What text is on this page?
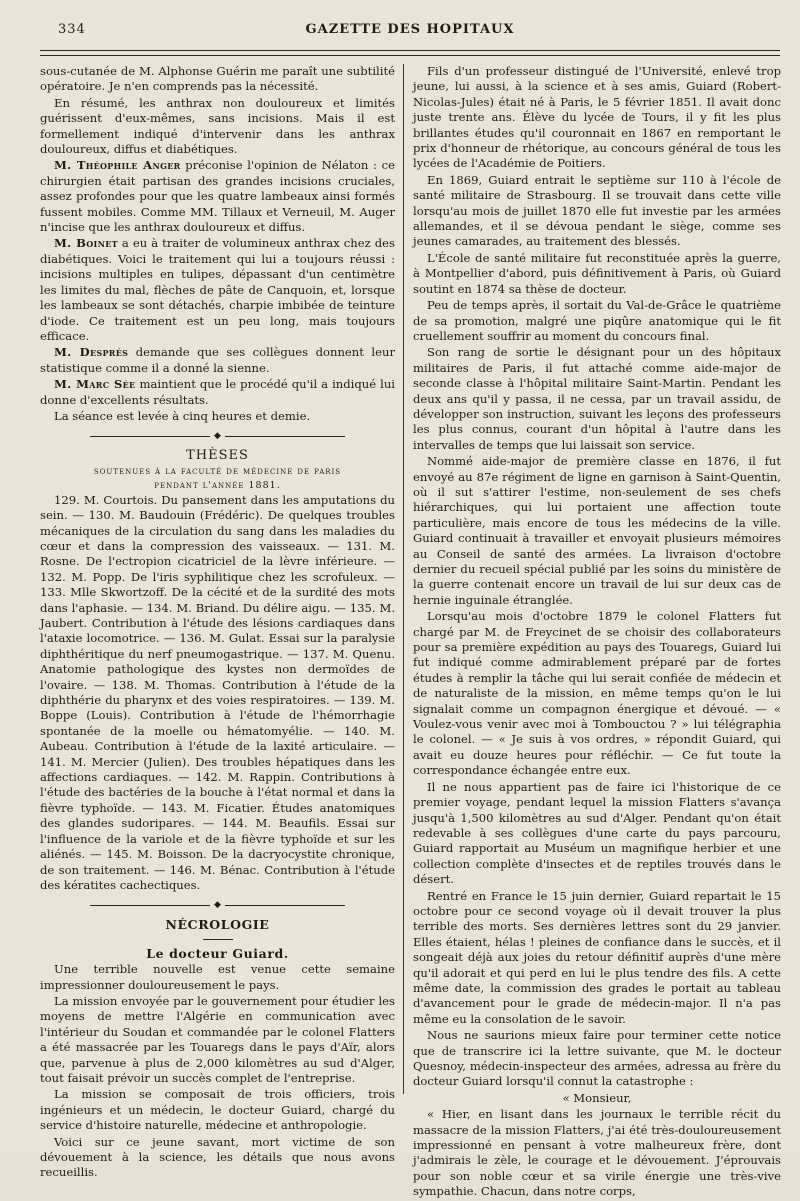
334	GAZETTE DES HOPITAUX

sous-cutanée de M. Alphonse Guérin me paraît une subtilité opératoire. Je n'en comprends pas la nécessité.

En résumé, les anthrax non douloureux et limités guérissent d'eux-mêmes, sans incisions. Mais il est formellement indiqué d'intervenir dans les anthrax douloureux, diffus et diabétiques.

M. Théophile Anger préconise l'opinion de Nélaton : ce chirurgien était partisan des grandes incisions cruciales, assez profondes pour que les quatre lambeaux ainsi formés fussent mobiles. Comme MM. Tillaux et Verneuil, M. Auger n'incise que les anthrax douloureux et diffus.

M. Boinet a eu à traiter de volumineux anthrax chez des diabétiques. Voici le traitement qui lui a toujours réussi : incisions multiples en tulipes, dépassant d'un centimètre les limites du mal, flèches de pâte de Canquoin, et, lorsque les lambeaux se sont détachés, charpie imbibée de teinture d'iode. Ce traitement est un peu long, mais toujours efficace.

M. Després demande que ses collègues donnent leur statistique comme il a donné la sienne.

M. Marc Sée maintient que le procédé qu'il a indiqué lui donne d'excellents résultats.

La séance est levée à cinq heures et demie.

◆

THÈSES

soutenues à la faculté de médecine de paris

pendant l'année 1881.

129. M. Courtois. Du pansement dans les amputations du sein. — 130. M. Baudouin (Frédéric). De quelques troubles mécaniques de la circulation du sang dans les maladies du cœur et dans la compression des vaisseaux. — 131. M. Rosne. De l'ectropion cicatriciel de la lèvre inférieure. — 132. M. Popp. De l'iris syphilitique chez les scrofuleux. — 133. Mlle Skwortzoff. De la cécité et de la surdité des mots dans l'aphasie. — 134. M. Briand. Du délire aigu. — 135. M. Jaubert. Contribution à l'étude des lésions cardiaques dans l'ataxie locomotrice. — 136. M. Gulat. Essai sur la paralysie diphthéritique du nerf pneumogastrique. — 137. M. Quenu. Anatomie pathologique des kystes non dermoïdes de l'ovaire. — 138. M. Thomas. Contribution à l'étude de la diphthérie du pharynx et des voies respiratoires. — 139. M. Boppe (Louis). Contribution à l'étude de l'hémorrhagie spontanée de la moelle ou hématomyélie. — 140. M. Aubeau. Contribution à l'étude de la laxité articulaire. — 141. M. Mercier (Julien). Des troubles hépatiques dans les affections cardiaques. — 142. M. Rappin. Contributions à l'étude des bactéries de la bouche à l'état normal et dans la fièvre typhoïde. — 143. M. Ficatier. Études anatomiques des glandes sudoripares. — 144. M. Beaufils. Essai sur l'influence de la variole et de la fièvre typhoïde et sur les aliénés. — 145. M. Boisson. De la dacryocystite chronique, de son traitement. — 146. M. Bénac. Contribution à l'étude des kératites cachectiques.

◆

NÉCROLOGIE

Le docteur Guiard.

Une terrible nouvelle est venue cette semaine impressionner douloureusement le pays.

La mission envoyée par le gouvernement pour étudier les moyens de mettre l'Algérie en communication avec l'intérieur du Soudan et commandée par le colonel Flatters a été massacrée par les Touaregs dans le pays d'Aïr, alors que, parvenue à plus de 2,000 kilomètres au sud d'Alger, tout faisait prévoir un succès complet de l'entreprise.

La mission se composait de trois officiers, trois ingénieurs et un médecin, le docteur Guiard, chargé du service d'histoire naturelle, médecine et anthropologie.

Voici sur ce jeune savant, mort victime de son dévouement à la science, les détails que nous avons recueillis.

Fils d'un professeur distingué de l'Université, enlevé trop jeune, lui aussi, à la science et à ses amis, Guiard (Robert-Nicolas-Jules) était né à Paris, le 5 février 1851. Il avait donc juste trente ans. Élève du lycée de Tours, il y fit les plus brillantes études qu'il couronnait en 1867 en remportant le prix d'honneur de rhétorique, au concours général de tous les lycées de l'Académie de Poitiers.

En 1869, Guiard entrait le septième sur 110 à l'école de santé militaire de Strasbourg. Il se trouvait dans cette ville lorsqu'au mois de juillet 1870 elle fut investie par les armées allemandes, et il se dévoua pendant le siège, comme ses jeunes camarades, au traitement des blessés.

L'École de santé militaire fut reconstituée après la guerre, à Montpellier d'abord, puis définitivement à Paris, où Guiard soutint en 1874 sa thèse de docteur.

Peu de temps après, il sortait du Val-de-Grâce le quatrième de sa promotion, malgré une piqûre anatomique qui le fit cruellement souffrir au moment du concours final.

Son rang de sortie le désignant pour un des hôpitaux militaires de Paris, il fut attaché comme aide-major de seconde classe à l'hôpital militaire Saint-Martin. Pendant les deux ans qu'il y passa, il ne cessa, par un travail assidu, de développer son instruction, suivant les leçons des professeurs les plus connus, courant d'un hôpital à l'autre dans les intervalles de temps que lui laissait son service.

Nommé aide-major de première classe en 1876, il fut envoyé au 87e régiment de ligne en garnison à Saint-Quentin, où il sut s'attirer l'estime, non-seulement de ses chefs hiérarchiques, qui lui portaient une affection toute particulière, mais encore de tous les médecins de la ville. Guiard continuait à travailler et envoyait plusieurs mémoires au Conseil de santé des armées. La livraison d'octobre dernier du recueil spécial publié par les soins du ministère de la guerre contenait encore un travail de lui sur deux cas de hernie inguinale étranglée.

Lorsqu'au mois d'octobre 1879 le colonel Flatters fut chargé par M. de Freycinet de se choisir des collaborateurs pour sa première expédition au pays des Touaregs, Guiard lui fut indiqué comme admirablement préparé par de fortes études à remplir la tâche qui lui serait confiée de médecin et de naturaliste de la mission, en même temps qu'on le lui signalait comme un compagnon énergique et dévoué. — « Voulez-vous venir avec moi à Tombouctou ? » lui télégraphia le colonel. — « Je suis à vos ordres, » répondit Guiard, qui avait eu douze heures pour réfléchir. — Ce fut toute la correspondance échangée entre eux.

Il ne nous appartient pas de faire ici l'historique de ce premier voyage, pendant lequel la mission Flatters s'avança jusqu'à 1,500 kilomètres au sud d'Alger. Pendant qu'on était redevable à ses collègues d'une carte du pays parcouru, Guiard rapportait au Muséum un magnifique herbier et une collection complète d'insectes et de reptiles trouvés dans le désert.

Rentré en France le 15 juin dernier, Guiard repartait le 15 octobre pour ce second voyage où il devait trouver la plus terrible des morts. Ses dernières lettres sont du 29 janvier. Elles étaient, hélas ! pleines de confiance dans le succès, et il songeait déjà aux joies du retour définitif auprès d'une mère qu'il adorait et qui perd en lui le plus tendre des fils. A cette même date, la commission des grades le portait au tableau d'avancement pour le grade de médecin-major. Il n'a pas même eu la consolation de le savoir.

Nous ne saurions mieux faire pour terminer cette notice que de transcrire ici la lettre suivante, que M. le docteur Quesnoy, médecin-inspecteur des armées, adressa au frère du docteur Guiard lorsqu'il connut la catastrophe :

« Monsieur,

« Hier, en lisant dans les journaux le terrible récit du massacre de la mission Flatters, j'ai été très-douloureusement impressionné en pensant à votre malheureux frère, dont j'admirais le zèle, le courage et le dévouement. J'éprouvais pour son noble cœur et sa virile énergie une très-vive sympathie. Chacun, dans notre corps,
